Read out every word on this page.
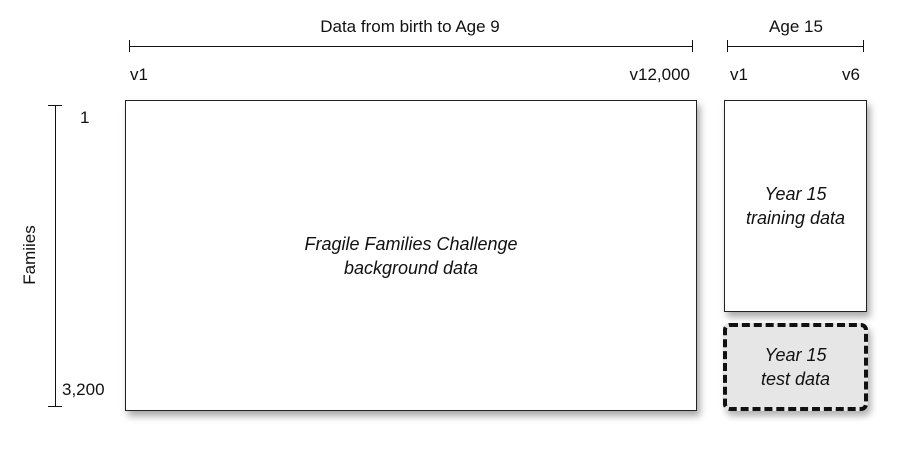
Data from birth to Age 9
v1	v12,000
Age 15
v1	v6
Famiies
1
3,200
Fragile Families Challenge
background data
Year 15
training data
Year 15
test data
